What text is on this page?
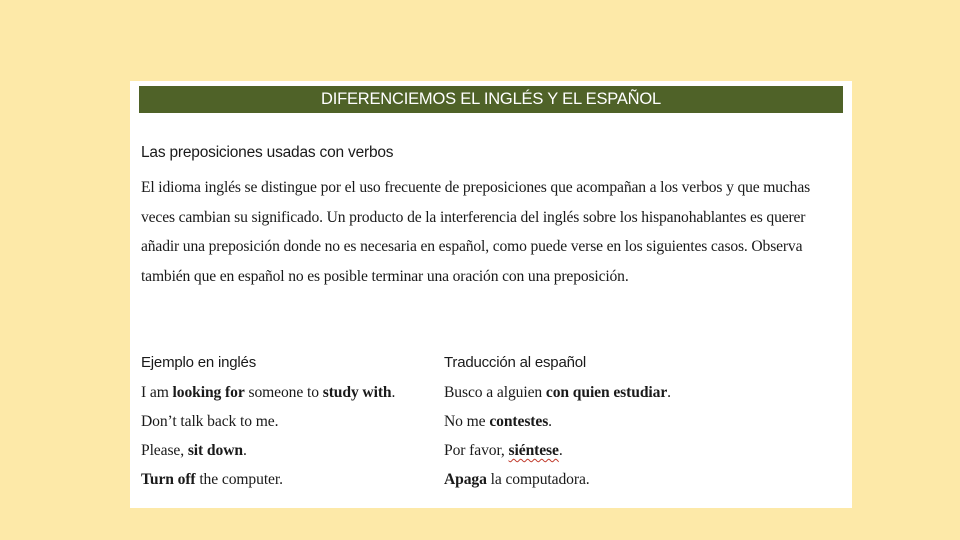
DIFERENCIEMOS EL INGLÉS Y EL ESPAÑOL
Las preposiciones usadas con verbos

El idioma inglés se distingue por el uso frecuente de preposiciones que acompañan a los verbos y que muchas veces cambian su significado. Un producto de la interferencia del inglés sobre los hispanohablantes es querer añadir una preposición donde no es necesaria en español, como puede verse en los siguientes casos. Observa también que en español no es posible terminar una oración con una preposición.

Ejemplo en inglés	Traducción al español
I am looking for someone to study with.	Busco a alguien con quien estudiar.
Don’t talk back to me.	No me contestes.
Please, sit down.	Por favor, siéntese.
Turn off the computer.	Apaga la computadora.
